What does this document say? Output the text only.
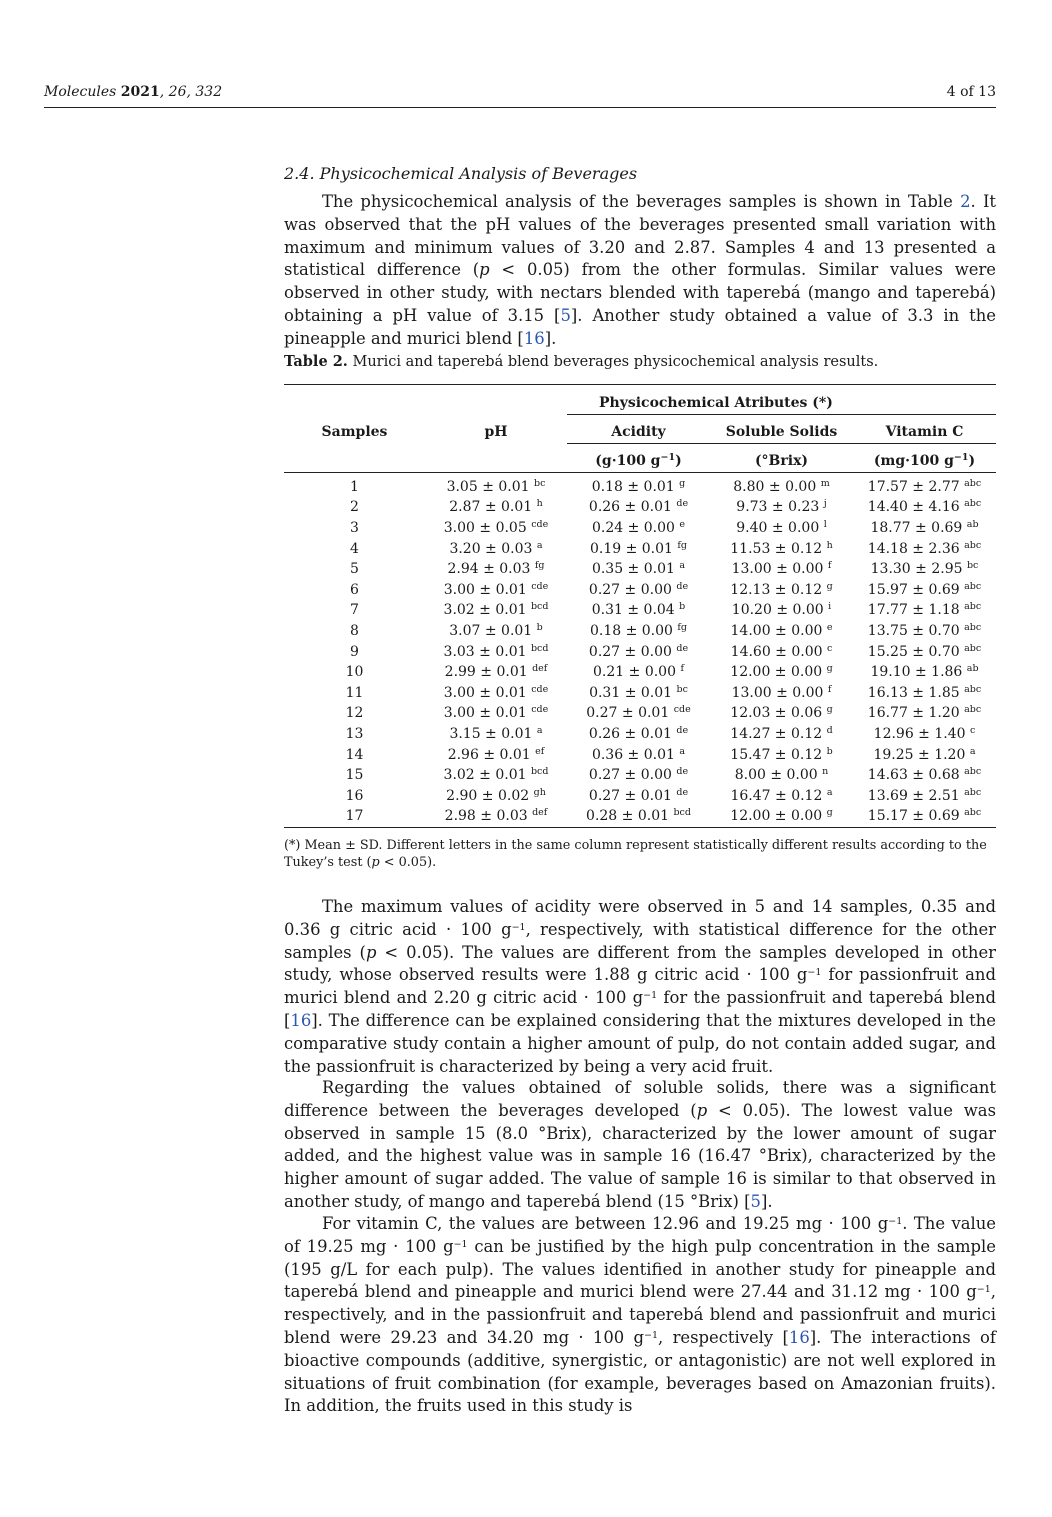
Molecules 2021, 26, 332	4 of 13
2.4. Physicochemical Analysis of Beverages

The physicochemical analysis of the beverages samples is shown in Table 2. It was observed that the pH values of the beverages presented small variation with maximum and minimum values of 3.20 and 2.87. Samples 4 and 13 presented a statistical difference (p < 0.05) from the other formulas. Similar values were observed in other study, with nectars blended with taperebá (mango and taperebá) obtaining a pH value of 3.15 [5]. Another study obtained a value of 3.3 in the pineapple and murici blend [16].

Table 2. Murici and taperebá blend beverages physicochemical analysis results.

		Physicochemical Atributes (*)		

Samples	pH	Acidity	Soluble Solids	Vitamin C

		(g·100 $g^{-1}$)	(°Brix)	(mg·100 $g^{-1}$)

1	3.05 ± 0.01 $^{bc}$	0.18 ± 0.01 $^g$	8.80 ± 0.00 $^m$	17.57 ± 2.77 $^{abc}$
2	2.87 ± 0.01 $^h$	0.26 ± 0.01 $^{de}$	9.73 ± 0.23 $^j$	14.40 ± 4.16 $^{abc}$
3	3.00 ± 0.05 $^{cde}$	0.24 ± 0.00 $^e$	9.40 ± 0.00 $^l$	18.77 ± 0.69 $^{ab}$
4	3.20 ± 0.03 $^a$	0.19 ± 0.01 $^{fg}$	11.53 ± 0.12 $^h$	14.18 ± 2.36 $^{abc}$
5	2.94 ± 0.03 $^{fg}$	0.35 ± 0.01 $^a$	13.00 ± 0.00 $^f$	13.30 ± 2.95 $^{bc}$
6	3.00 ± 0.01 $^{cde}$	0.27 ± 0.00 $^{de}$	12.13 ± 0.12 $^g$	15.97 ± 0.69 $^{abc}$
7	3.02 ± 0.01 $^{bcd}$	0.31 ± 0.04 $^b$	10.20 ± 0.00 $^i$	17.77 ± 1.18 $^{abc}$
8	3.07 ± 0.01 $^b$	0.18 ± 0.00 $^{fg}$	14.00 ± 0.00 $^e$	13.75 ± 0.70 $^{abc}$
9	3.03 ± 0.01 $^{bcd}$	0.27 ± 0.00 $^{de}$	14.60 ± 0.00 $^c$	15.25 ± 0.70 $^{abc}$
10	2.99 ± 0.01 $^{def}$	0.21 ± 0.00 $^f$	12.00 ± 0.00 $^g$	19.10 ± 1.86 $^{ab}$
11	3.00 ± 0.01 $^{cde}$	0.31 ± 0.01 $^{bc}$	13.00 ± 0.00 $^f$	16.13 ± 1.85 $^{abc}$
12	3.00 ± 0.01 $^{cde}$	0.27 ± 0.01 $^{cde}$	12.03 ± 0.06 $^g$	16.77 ± 1.20 $^{abc}$
13	3.15 ± 0.01 $^a$	0.26 ± 0.01 $^{de}$	14.27 ± 0.12 $^d$	12.96 ± 1.40 $^c$
14	2.96 ± 0.01 $^{ef}$	0.36 ± 0.01 $^a$	15.47 ± 0.12 $^b$	19.25 ± 1.20 $^a$
15	3.02 ± 0.01 $^{bcd}$	0.27 ± 0.00 $^{de}$	8.00 ± 0.00 $^n$	14.63 ± 0.68 $^{abc}$
16	2.90 ± 0.02 $^{gh}$	0.27 ± 0.01 $^{de}$	16.47 ± 0.12 $^a$	13.69 ± 2.51 $^{abc}$
17	2.98 ± 0.03 $^{def}$	0.28 ± 0.01 $^{bcd}$	12.00 ± 0.00 $^g$	15.17 ± 0.69 $^{abc}$
(*) Mean ± SD. Different letters in the same column represent statistically different results according to the Tukey’s test (p < 0.05).

The maximum values of acidity were observed in 5 and 14 samples, 0.35 and 0.36 g citric acid · 100 $g^{-1}$, respectively, with statistical difference for the other samples (p < 0.05). The values are different from the samples developed in other study, whose observed results were 1.88 g citric acid · 100 $g^{-1}$ for passionfruit and murici blend and 2.20 g citric acid · 100 $g^{-1}$ for the passionfruit and taperebá blend [16]. The difference can be explained considering that the mixtures developed in the comparative study contain a higher amount of pulp, do not contain added sugar, and the passionfruit is characterized by being a very acid fruit.

Regarding the values obtained of soluble solids, there was a significant difference between the beverages developed (p < 0.05). The lowest value was observed in sample 15 (8.0 °Brix), characterized by the lower amount of sugar added, and the highest value was in sample 16 (16.47 °Brix), characterized by the higher amount of sugar added. The value of sample 16 is similar to that observed in another study, of mango and taperebá blend (15 °Brix) [5].

For vitamin C, the values are between 12.96 and 19.25 mg · 100 $g^{-1}$. The value of 19.25 mg · 100 $g^{-1}$ can be justified by the high pulp concentration in the sample (195 g/L for each pulp). The values identified in another study for pineapple and taperebá blend and pineapple and murici blend were 27.44 and 31.12 mg · 100 $g^{-1}$, respectively, and in the passionfruit and taperebá blend and passionfruit and murici blend were 29.23 and 34.20 mg · 100 $g^{-1}$, respectively [16]. The interactions of bioactive compounds (additive, synergistic, or antagonistic) are not well explored in situations of fruit combination (for example, beverages based on Amazonian fruits). In addition, the fruits used in this study is
